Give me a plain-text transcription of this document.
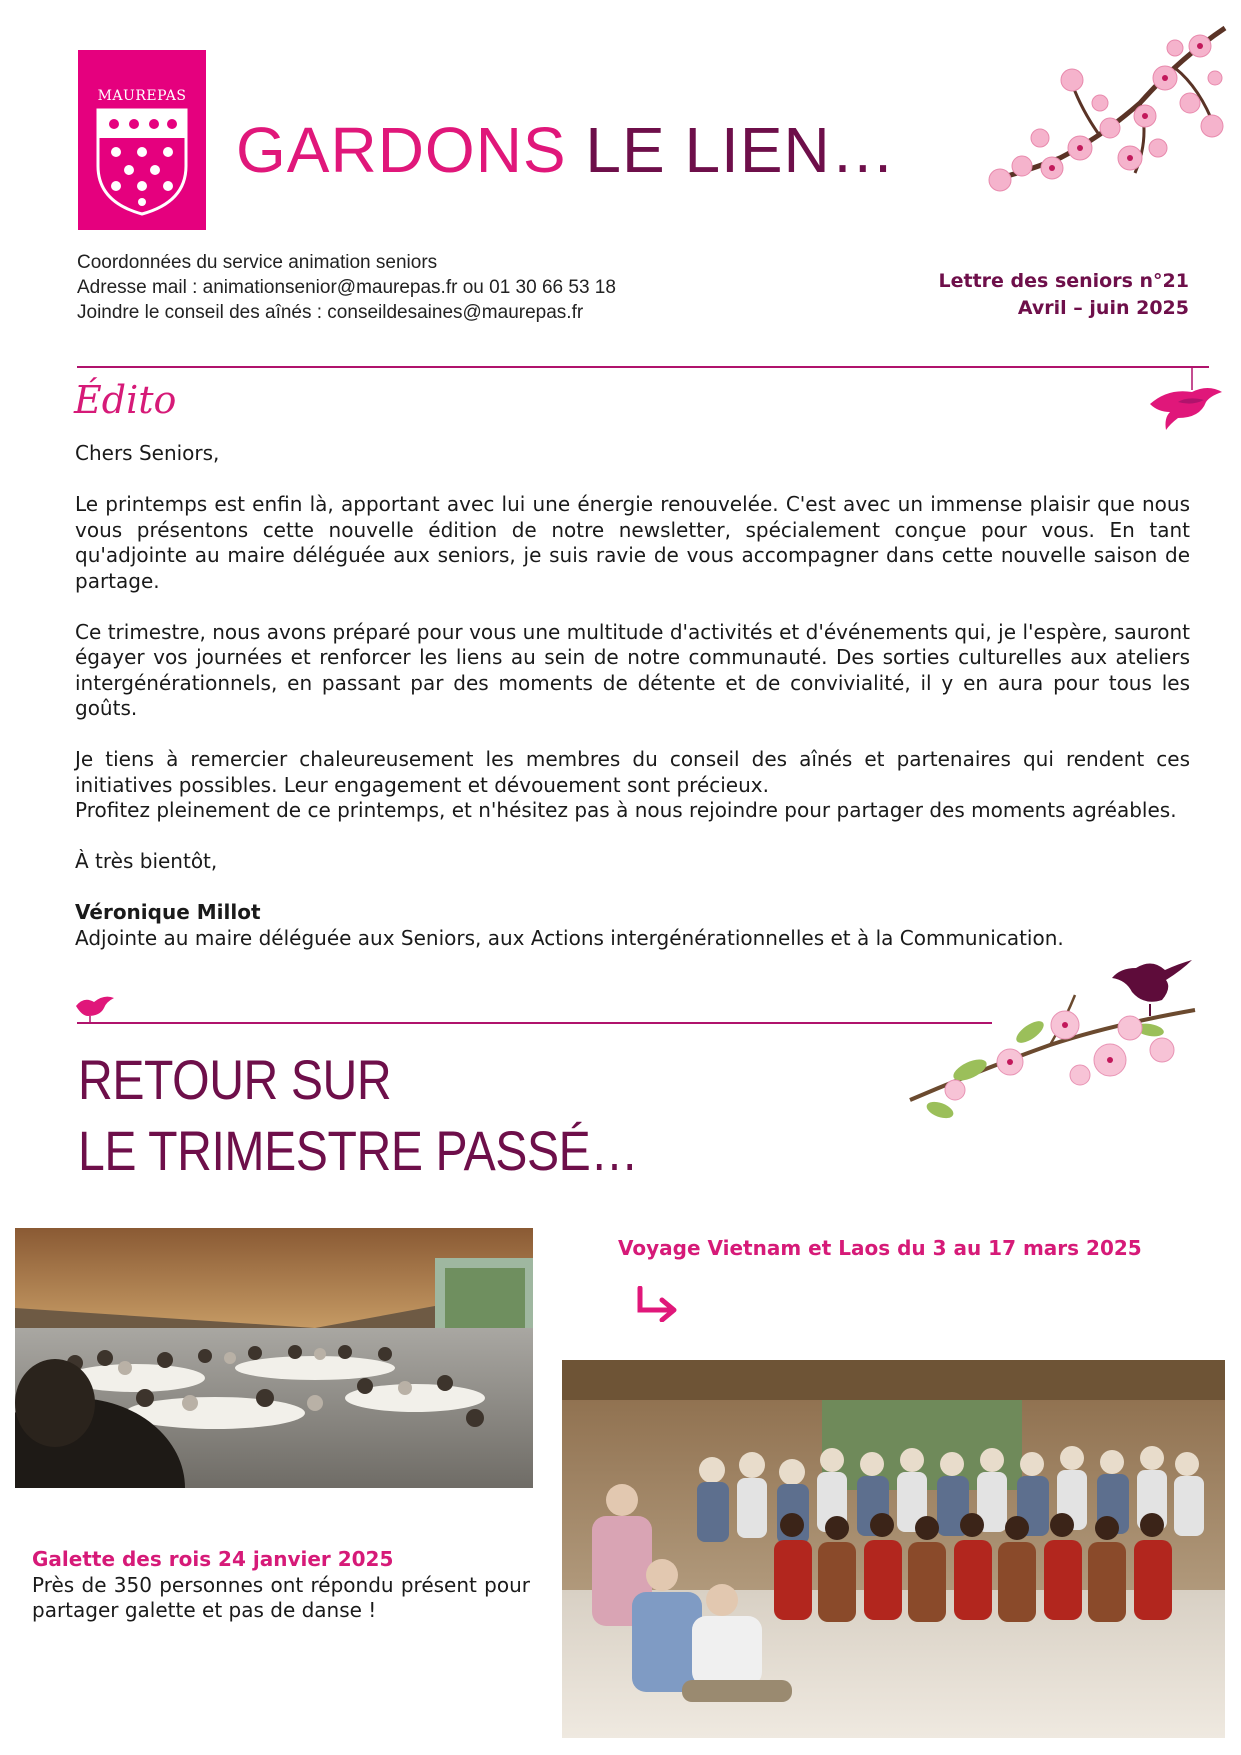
MAUREPAS
GARDONS LE LIEN…
Coordonnées du service animation seniors
Adresse mail : animationsenior@maurepas.fr ou 01 30 66 53 18
Joindre le conseil des aînés : conseildesaines@maurepas.fr
Lettre des seniors n°21
Avril – juin 2025
Édito

Chers Seniors,

Le printemps est enfin là, apportant avec lui une énergie renouvelée. C'est avec un immense plaisir que nous vous présentons cette nouvelle édition de notre newsletter, spécialement conçue pour vous. En tant qu'adjointe au maire déléguée aux seniors, je suis ravie de vous accompagner dans cette nouvelle saison de partage.

Ce trimestre, nous avons préparé pour vous une multitude d'activités et d'événements qui, je l'espère, sauront égayer vos journées et renforcer les liens au sein de notre communauté. Des sorties culturelles aux ateliers intergénérationnels, en passant par des moments de détente et de convivialité, il y en aura pour tous les goûts.

Je tiens à remercier chaleureusement les membres du conseil des aînés et partenaires qui rendent ces initiatives possibles. Leur engagement et dévouement sont précieux.

Profitez pleinement de ce printemps, et n'hésitez pas à nous rejoindre pour partager des moments agréables.

À très bientôt,

Véronique Millot

Adjointe au maire déléguée aux Seniors, aux Actions intergénérationnelles et à la Communication.

RETOUR SUR
LE TRIMESTRE PASSÉ…
Voyage Vietnam et Laos du 3 au 17 mars 2025
Galette des rois 24 janvier 2025
Près de 350 personnes ont répondu présent pour partager galette et pas de danse !
